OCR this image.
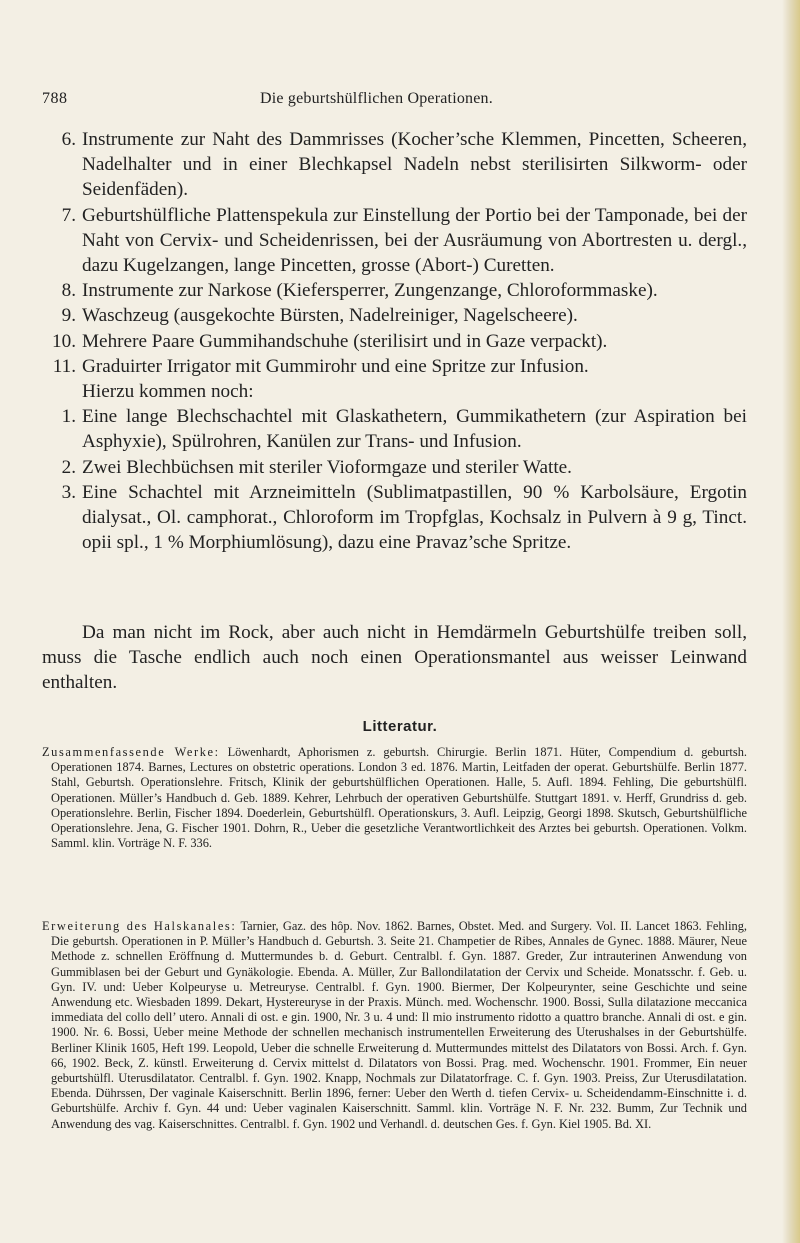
788	Die geburtshülflichen Operationen.
6. Instrumente zur Naht des Dammrisses (Kocher’sche Klemmen, Pincetten, Scheeren, Nadelhalter und in einer Blechkapsel Nadeln nebst sterilisirten Silkworm- oder Seidenfäden).
7. Geburtshülfliche Plattenspekula zur Einstellung der Portio bei der Tamponade, bei der Naht von Cervix- und Scheidenrissen, bei der Ausräumung von Abortresten u. dergl., dazu Kugelzangen, lange Pincetten, grosse (Abort-) Curetten.
8. Instrumente zur Narkose (Kiefersperrer, Zungenzange, Chloroformmaske).
9. Waschzeug (ausgekochte Bürsten, Nadelreiniger, Nagelscheere).
10. Mehrere Paare Gummihandschuhe (sterilisirt und in Gaze verpackt).
11. Graduirter Irrigator mit Gummirohr und eine Spritze zur Infusion.
Hierzu kommen noch:
1. Eine lange Blechschachtel mit Glaskathetern, Gummikathetern (zur Aspiration bei Asphyxie), Spülrohren, Kanülen zur Trans- und Infusion.
2. Zwei Blechbüchsen mit steriler Vioformgaze und steriler Watte.
3. Eine Schachtel mit Arzneimitteln (Sublimatpastillen, 90 % Karbolsäure, Ergotin dialysat., Ol. camphorat., Chloroform im Tropfglas, Kochsalz in Pulvern à 9 g, Tinct. opii spl., 1 % Morphiumlösung), dazu eine Pravaz’sche Spritze.
Da man nicht im Rock, aber auch nicht in Hemdärmeln Geburtshülfe treiben soll, muss die Tasche endlich auch noch einen Operationsmantel aus weisser Leinwand enthalten.
Litteratur.
Zusammenfassende Werke: Löwenhardt, Aphorismen z. geburtsh. Chirurgie. Berlin 1871. Hüter, Compendium d. geburtsh. Operationen 1874. Barnes, Lectures on obstetric operations. London 3 ed. 1876. Martin, Leitfaden der operat. Geburtshülfe. Berlin 1877. Stahl, Geburtsh. Operationslehre. Fritsch, Klinik der geburtshülflichen Operationen. Halle, 5. Aufl. 1894. Fehling, Die geburtshülfl. Operationen. Müller’s Handbuch d. Geb. 1889. Kehrer, Lehrbuch der operativen Geburtshülfe. Stuttgart 1891. v. Herff, Grundriss d. geb. Operationslehre. Berlin, Fischer 1894. Doederlein, Geburtshülfl. Operationskurs, 3. Aufl. Leipzig, Georgi 1898. Skutsch, Geburtshülfliche Operationslehre. Jena, G. Fischer 1901. Dohrn, R., Ueber die gesetzliche Verantwortlichkeit des Arztes bei geburtsh. Operationen. Volkm. Samml. klin. Vorträge N. F. 336.
Erweiterung des Halskanales: Tarnier, Gaz. des hôp. Nov. 1862. Barnes, Obstet. Med. and Surgery. Vol. II. Lancet 1863. Fehling, Die geburtsh. Operationen in P. Müller’s Handbuch d. Geburtsh. 3. Seite 21. Champetier de Ribes, Annales de Gynec. 1888. Mäurer, Neue Methode z. schnellen Eröffnung d. Muttermundes b. d. Geburt. Centralbl. f. Gyn. 1887. Greder, Zur intrauterinen Anwendung von Gummiblasen bei der Geburt und Gynäkologie. Ebenda. A. Müller, Zur Ballondilatation der Cervix und Scheide. Monatsschr. f. Geb. u. Gyn. IV. und: Ueber Kolpeuryse u. Metreuryse. Centralbl. f. Gyn. 1900. Biermer, Der Kolpeurynter, seine Geschichte und seine Anwendung etc. Wiesbaden 1899. Dekart, Hystereuryse in der Praxis. Münch. med. Wochenschr. 1900. Bossi, Sulla dilatazione meccanica immediata del collo dell’ utero. Annali di ost. e gin. 1900, Nr. 3 u. 4 und: Il mio instrumento ridotto a quattro branche. Annali di ost. e gin. 1900. Nr. 6. Bossi, Ueber meine Methode der schnellen mechanisch instrumentellen Erweiterung des Uterushalses in der Geburtshülfe. Berliner Klinik 1605, Heft 199. Leopold, Ueber die schnelle Erweiterung d. Muttermundes mittelst des Dilatators von Bossi. Arch. f. Gyn. 66, 1902. Beck, Z. künstl. Erweiterung d. Cervix mittelst d. Dilatators von Bossi. Prag. med. Wochenschr. 1901. Frommer, Ein neuer geburtshülfl. Uterusdilatator. Centralbl. f. Gyn. 1902. Knapp, Nochmals zur Dilatatorfrage. C. f. Gyn. 1903. Preiss, Zur Uterusdilatation. Ebenda. Dührssen, Der vaginale Kaiserschnitt. Berlin 1896, ferner: Ueber den Werth d. tiefen Cervix- u. Scheidendamm-Einschnitte i. d. Geburtshülfe. Archiv f. Gyn. 44 und: Ueber vaginalen Kaiserschnitt. Samml. klin. Vorträge N. F. Nr. 232. Bumm, Zur Technik und Anwendung des vag. Kaiserschnittes. Centralbl. f. Gyn. 1902 und Verhandl. d. deutschen Ges. f. Gyn. Kiel 1905. Bd. XI.
